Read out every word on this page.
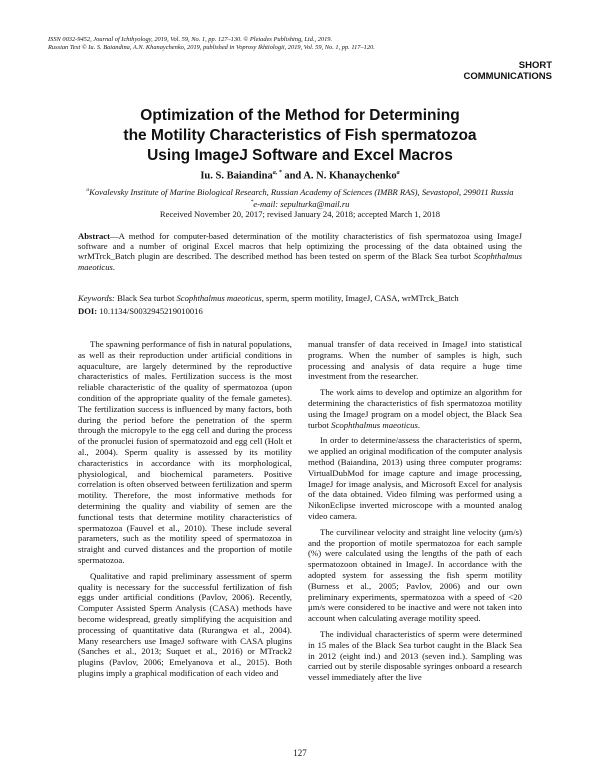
ISSN 0032-9452, Journal of Ichthyology, 2019, Vol. 59, No. 1, pp. 127–130. © Pleiades Publishing, Ltd., 2019.
Russian Text © Iu. S. Baiandina, A.N. Khanaychenko, 2019, published in Voprosy Ikhtiologii, 2019, Vol. 59, No. 1, pp. 117–120.
SHORT
COMMUNICATIONS
Optimization of the Method for Determining
the Motility Characteristics of Fish spermatozoa
Using ImageJ Software and Excel Macros
Iu. S. Baiandina$^{a, *}$ and A. N. Khanaychenko$^a$
$^a$Kovalevsky Institute of Marine Biological Research, Russian Academy of Sciences (IMBR RAS), Sevastopol, 299011 Russia
*e-mail: sepulturka@mail.ru
Received November 20, 2017; revised January 24, 2018; accepted March 1, 2018
Abstract—A method for computer-based determination of the motility characteristics of fish spermatozoa using ImageJ software and a number of original Excel macros that help optimizing the processing of the data obtained using the wrMTrck_Batch plugin are described. The described method has been tested on sperm of the Black Sea turbot Scophthalmus maeoticus.
Keywords: Black Sea turbot Scophthalmus maeoticus, sperm, sperm motility, ImageJ, CASA, wrMTrck_Batch
DOI: 10.1134/S0032945219010016

The spawning performance of fish in natural populations, as well as their reproduction under artificial conditions in aquaculture, are largely determined by the reproductive characteristics of males. Fertilization success is the most reliable characteristic of the quality of spermatozoa (upon condition of the appropriate quality of the female gametes). The fertilization success is influenced by many factors, both during the period before the penetration of the sperm through the micropyle to the egg cell and during the process of the pronuclei fusion of spermatozoid and egg cell (Holt et al., 2004). Sperm quality is assessed by its motility characteristics in accordance with its morphological, physiological, and biochemical parameters. Positive correlation is often observed between fertilization and sperm motility. Therefore, the most informative methods for determining the quality and viability of semen are the functional tests that determine motility characteristics of spermatozoa (Fauvel et al., 2010). These include several parameters, such as the motility speed of spermatozoa in straight and curved distances and the proportion of motile spermatozoa.

Qualitative and rapid preliminary assessment of sperm quality is necessary for the successful fertilization of fish eggs under artificial conditions (Pavlov, 2006). Recently, Computer Assisted Sperm Analysis (CASA) methods have become widespread, greatly simplifying the acquisition and processing of quantitative data (Rurangwa et al., 2004). Many researchers use ImageJ software with CASA plugins (Sanches et al., 2013; Suquet et al., 2016) or MTrack2 plugins (Pavlov, 2006; Emelyanova et al., 2015). Both plugins imply a graphical modification of each video and

manual transfer of data received in ImageJ into statistical programs. When the number of samples is high, such processing and analysis of data require a huge time investment from the researcher.

The work aims to develop and optimize an algorithm for determining the characteristics of fish spermatozoa motility using the ImageJ program on a model object, the Black Sea turbot Scophthalmus maeoticus.

In order to determine/assess the characteristics of sperm, we applied an original modification of the computer analysis method (Baiandina, 2013) using three computer programs: VirtualDubMod for image capture and image processing, ImageJ for image analysis, and Microsoft Excel for analysis of the data obtained. Video filming was performed using a NikonEclipse inverted microscope with a mounted analog video camera.

The curvilinear velocity and straight line velocity (μm/s) and the proportion of motile spermatozoa for each sample (%) were calculated using the lengths of the path of each spermatozoon obtained in ImageJ. In accordance with the adopted system for assessing the fish sperm motility (Burness et al., 2005; Pavlov, 2006) and our own preliminary experiments, spermatozoa with a speed of <20 μm/s were considered to be inactive and were not taken into account when calculating average motility speed.

The individual characteristics of sperm were determined in 15 males of the Black Sea turbot caught in the Black Sea in 2012 (eight ind.) and 2013 (seven ind.). Sampling was carried out by sterile disposable syringes onboard a research vessel immediately after the live

127
